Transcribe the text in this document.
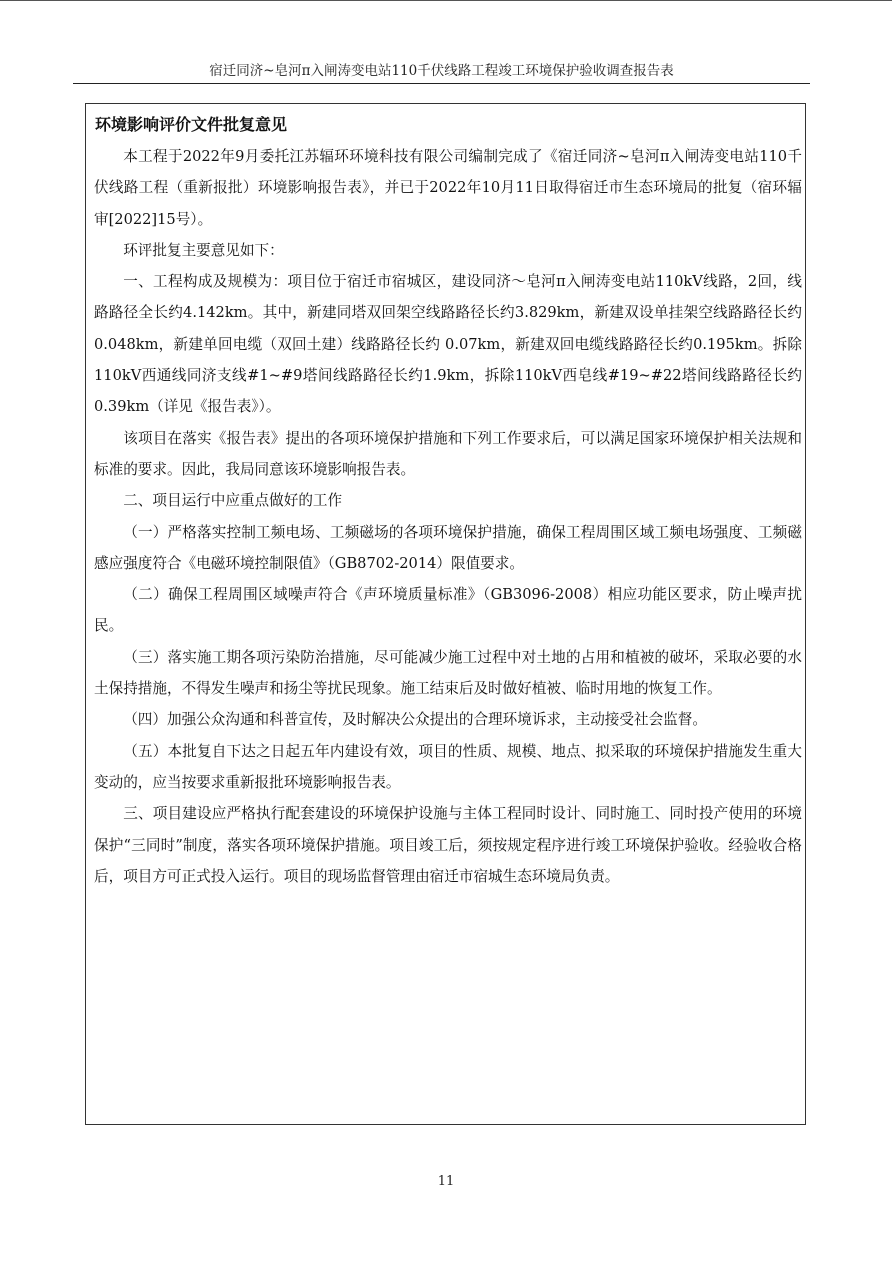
宿迁同济~皂河π入闸涛变电站110千伏线路工程竣工环境保护验收调查报告表
环境影响评价文件批复意见

本工程于2022年9月委托江苏辐环环境科技有限公司编制完成了《宿迁同济~皂河π入闸涛变电站110千伏线路工程（重新报批）环境影响报告表》，并已于2022年10月11日取得宿迁市生态环境局的批复（宿环辐审[2022]15号）。

环评批复主要意见如下：

一、工程构成及规模为：项目位于宿迁市宿城区，建设同济～皂河π入闸涛变电站110kV线路，2回，线路路径全长约4.142km。其中，新建同塔双回架空线路路径长约3.829km，新建双设单挂架空线路路径长约 0.048km，新建单回电缆（双回土建）线路路径长约 0.07km，新建双回电缆线路路径长约0.195km。拆除110kV西通线同济支线#1~#9塔间线路路径长约1.9km，拆除110kV西皂线#19~#22塔间线路路径长约0.39km（详见《报告表》）。

该项目在落实《报告表》提出的各项环境保护措施和下列工作要求后，可以满足国家环境保护相关法规和标准的要求。因此，我局同意该环境影响报告表。

二、项目运行中应重点做好的工作

（一）严格落实控制工频电场、工频磁场的各项环境保护措施，确保工程周围区域工频电场强度、工频磁感应强度符合《电磁环境控制限值》（GB8702-2014）限值要求。

（二）确保工程周围区域噪声符合《声环境质量标准》（GB3096-2008）相应功能区要求，防止噪声扰民。

（三）落实施工期各项污染防治措施，尽可能减少施工过程中对土地的占用和植被的破坏，采取必要的水土保持措施，不得发生噪声和扬尘等扰民现象。施工结束后及时做好植被、临时用地的恢复工作。

（四）加强公众沟通和科普宣传，及时解决公众提出的合理环境诉求，主动接受社会监督。

（五）本批复自下达之日起五年内建设有效，项目的性质、规模、地点、拟采取的环境保护措施发生重大变动的，应当按要求重新报批环境影响报告表。

三、项目建设应严格执行配套建设的环境保护设施与主体工程同时设计、同时施工、同时投产使用的环境保护“三同时”制度，落实各项环境保护措施。项目竣工后，须按规定程序进行竣工环境保护验收。经验收合格后，项目方可正式投入运行。项目的现场监督管理由宿迁市宿城生态环境局负责。

11
